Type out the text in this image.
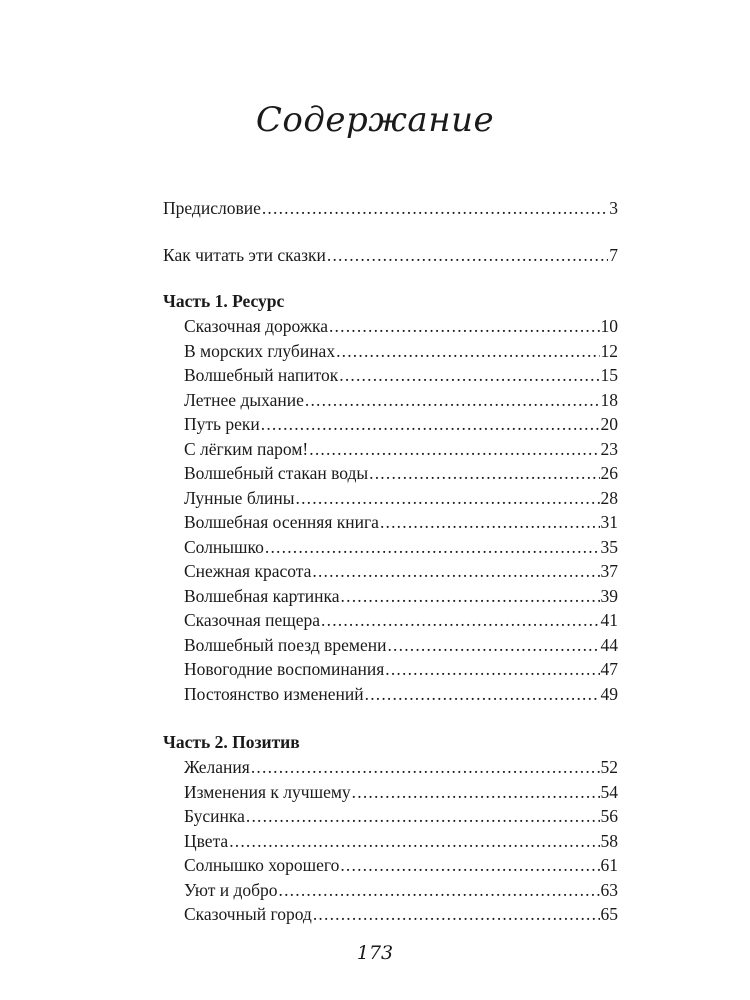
Содержание
Предисловие .....	3
Как читать эти сказки .....	7
Часть 1. Ресурс
Сказочная дорожка .....	10
В морских глубинах .....	12
Волшебный напиток .....	15
Летнее дыхание .....	18
Путь реки .....	20
С лёгким паром! .....	23
Волшебный стакан воды .....	26
Лунные блины .....	28
Волшебная осенняя книга .....	31
Солнышко .....	35
Снежная красота .....	37
Волшебная картинка .....	39
Сказочная пещера .....	41
Волшебный поезд времени .....	44
Новогодние воспоминания .....	47
Постоянство изменений .....	49
Часть 2. Позитив
Желания .....	52
Изменения к лучшему .....	54
Бусинка .....	56
Цвета .....	58
Солнышко хорошего .....	61
Уют и добро .....	63
Сказочный город .....	65
173
